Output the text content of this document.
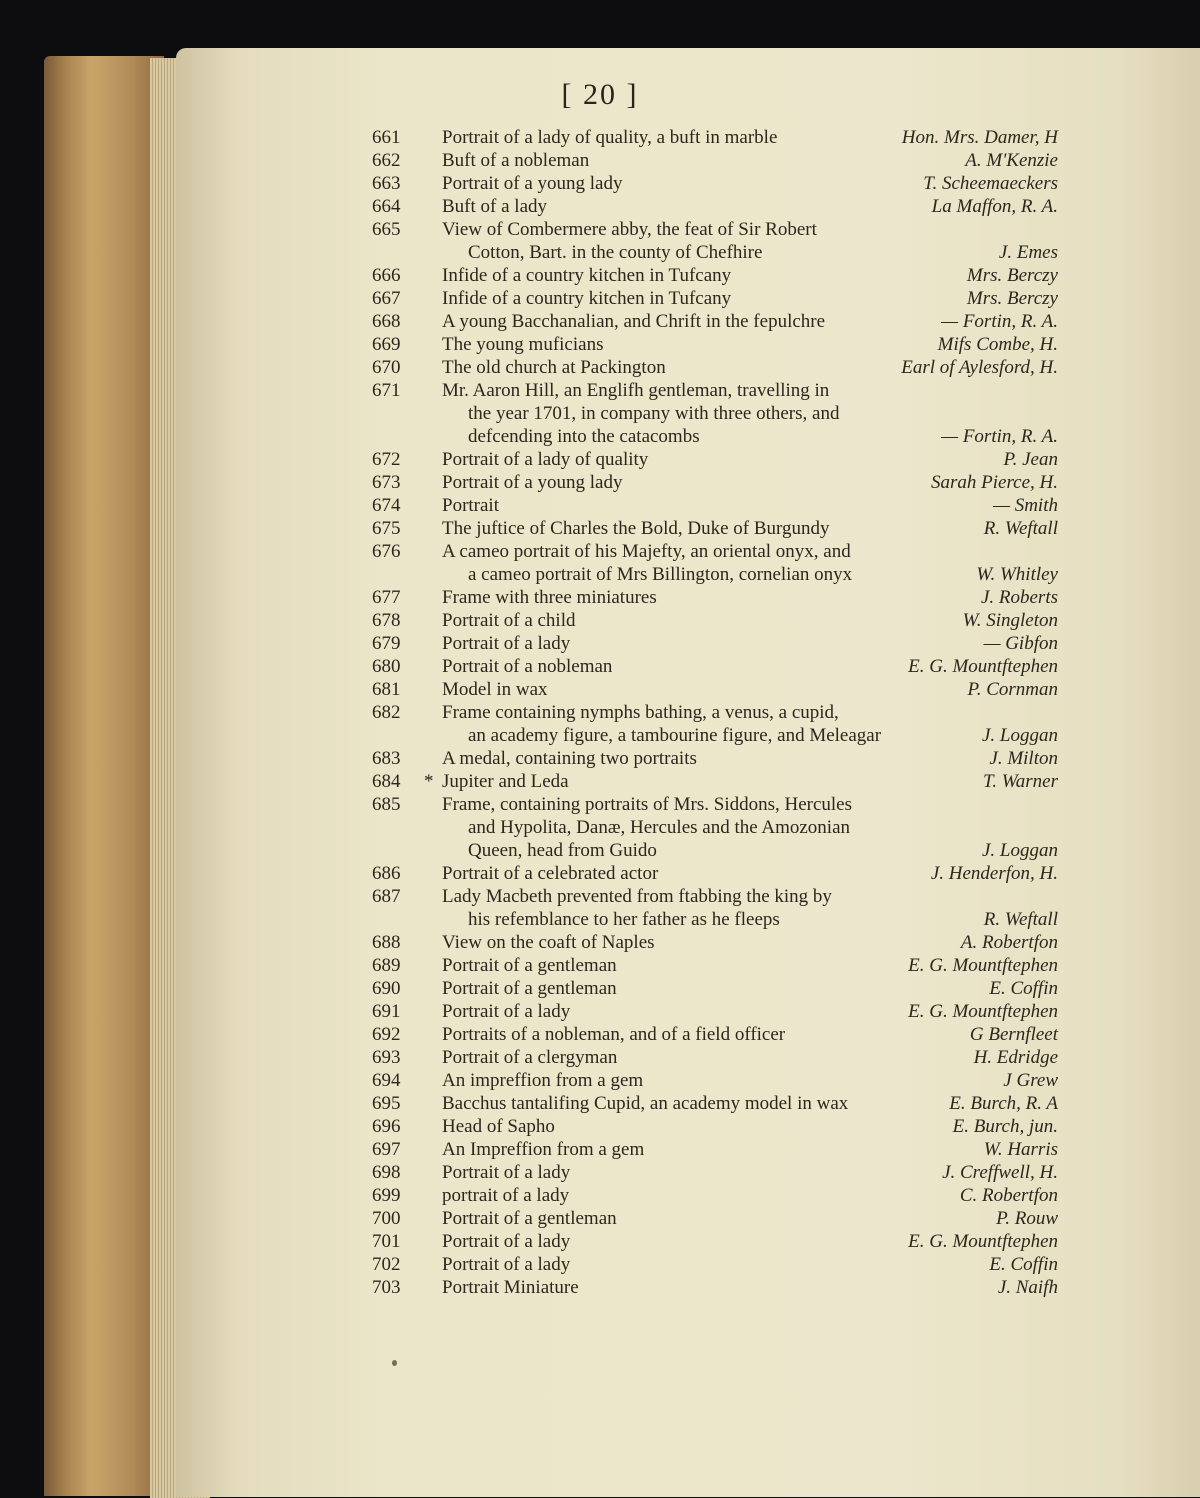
[ 20 ]
661	Portrait of a lady of quality, a buft in marble	Hon. Mrs. Damer, H
662	Buft of a nobleman	A. M'Kenzie
663	Portrait of a young lady	T. Scheemaeckers
664	Buft of a lady	La Maffon, R. A.
665	View of Combermere abby, the feat of Sir Robert
Cotton, Bart. in the county of Chefhire	J. Emes
666	Infide of a country kitchen in Tufcany	Mrs. Berczy
667	Infide of a country kitchen in Tufcany	Mrs. Berczy
668	A young Bacchanalian, and Chrift in the fepulchre	— Fortin, R. A.
669	The young muficians	Mifs Combe, H.
670	The old church at Packington	Earl of Aylesford, H.
671	Mr. Aaron Hill, an Englifh gentleman, travelling in
the year 1701, in company with three others, and
defcending into the catacombs	— Fortin, R. A.
672	Portrait of a lady of quality	P. Jean
673	Portrait of a young lady	Sarah Pierce, H.
674	Portrait	— Smith
675	The juftice of Charles the Bold, Duke of Burgundy	R. Weftall
676	A cameo portrait of his Majefty, an oriental onyx, and
a cameo portrait of Mrs Billington, cornelian onyx	W. Whitley
677	Frame with three miniatures	J. Roberts
678	Portrait of a child	W. Singleton
679	Portrait of a lady	— Gibfon
680	Portrait of a nobleman	E. G. Mountftephen
681	Model in wax	P. Cornman
682	Frame containing nymphs bathing, a venus, a cupid,
an academy figure, a tambourine figure, and Meleagar	J. Loggan
683	A medal, containing two portraits	J. Milton
684	* Jupiter and Leda	T. Warner
685	Frame, containing portraits of Mrs. Siddons, Hercules
and Hypolita, Danæ, Hercules and the Amozonian
Queen, head from Guido	J. Loggan
686	Portrait of a celebrated actor	J. Henderfon, H.
687	Lady Macbeth prevented from ftabbing the king by
his refemblance to her father as he fleeps	R. Weftall
688	View on the coaft of Naples	A. Robertfon
689	Portrait of a gentleman	E. G. Mountftephen
690	Portrait of a gentleman	E. Coffin
691	Portrait of a lady	E. G. Mountftephen
692	Portraits of a nobleman, and of a field officer	G Bernfleet
693	Portrait of a clergyman	H. Edridge
694	An impreffion from a gem	J Grew
695	Bacchus tantalifing Cupid, an academy model in wax	E. Burch, R. A
696	Head of Sapho	E. Burch, jun.
697	An Impreffion from a gem	W. Harris
698	Portrait of a lady	J. Creffwell, H.
699	portrait of a lady	C. Robertfon
700	Portrait of a gentleman	P. Rouw
701	Portrait of a lady	E. G. Mountftephen
702	Portrait of a lady	E. Coffin
703	Portrait Miniature	J. Naifh
